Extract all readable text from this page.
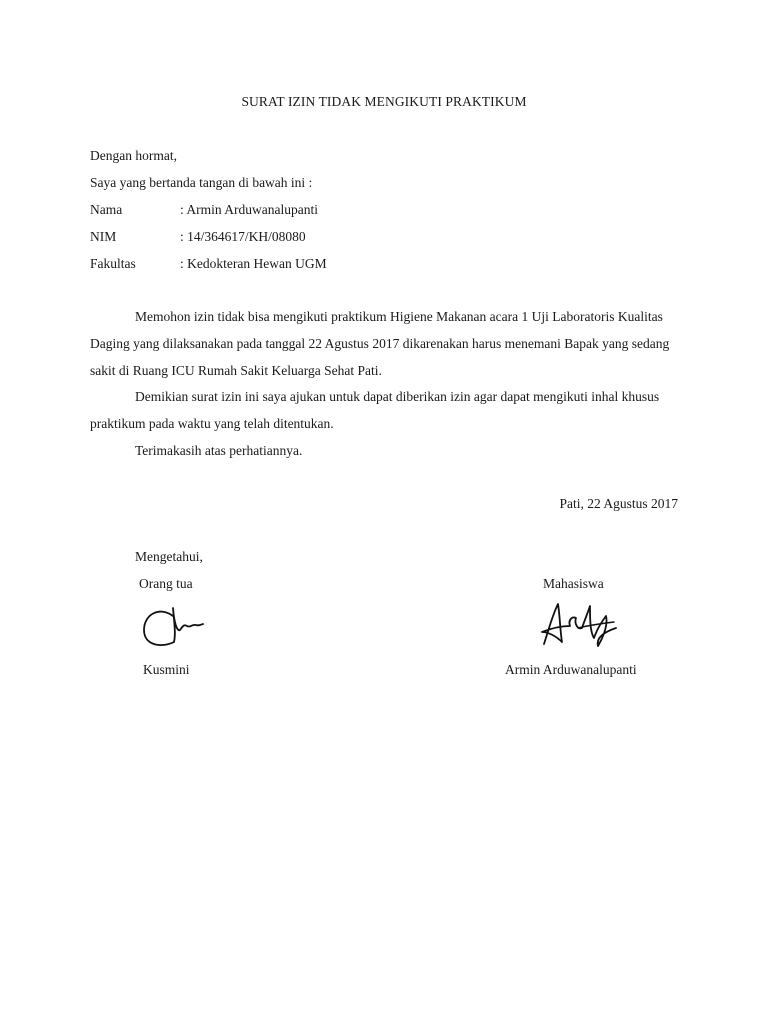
SURAT IZIN TIDAK MENGIKUTI PRAKTIKUM
Dengan hormat,
Saya yang bertanda tangan di bawah ini :
Nama	: Armin Arduwanalupanti
NIM	: 14/364617/KH/08080
Fakultas	: Kedokteran Hewan UGM
Memohon izin tidak bisa mengikuti praktikum Higiene Makanan acara 1 Uji Laboratoris Kualitas Daging yang dilaksanakan pada tanggal 22 Agustus 2017 dikarenakan harus menemani Bapak yang sedang sakit di Ruang ICU Rumah Sakit Keluarga Sehat Pati.
Demikian surat izin ini saya ajukan untuk dapat diberikan izin agar dapat mengikuti inhal khusus praktikum pada waktu yang telah ditentukan.
Terimakasih atas perhatiannya.
Pati, 22 Agustus 2017
Mengetahui,
Orang tua	Mahasiswa
Kusmini	Armin Arduwanalupanti
